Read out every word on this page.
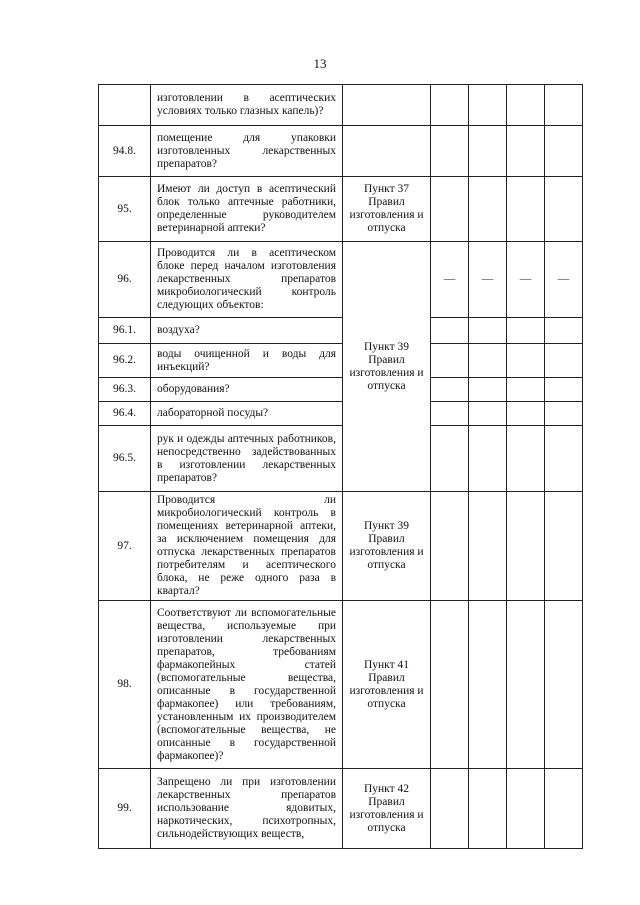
13
	изготовлении в асептических условиях только глазных капель)?					
94.8.	помещение для упаковки изготовленных лекарственных препаратов?					
95.	Имеют ли доступ в асептический блок только аптечные работники, определенные руководителем ветеринарной аптеки?	Пункт 37 Правил изготовления и отпуска				
96.	Проводится ли в асептическом блоке перед началом изготовления лекарственных препаратов микробиологический контроль следующих объектов:	Пункт 39 Правил изготовления и отпуска	—	—	—	—
96.1.	воздуха?					
96.2.	воды очищенной и воды для инъекций?					
96.3.	оборудования?					
96.4.	лабораторной посуды?					
96.5.	рук и одежды аптечных работников, непосредственно задействованных в изготовлении лекарственных препаратов?					
97.	Проводится ли микробиологический контроль в помещениях ветеринарной аптеки, за исключением помещения для отпуска лекарственных препаратов потребителям и асептического блока, не реже одного раза в квартал?	Пункт 39 Правил изготовления и отпуска				
98.	Соответствуют ли вспомогательные вещества, используемые при изготовлении лекарственных препаратов, требованиям фармакопейных статей (вспомогательные вещества, описанные в государственной фармакопее) или требованиям, установленным их производителем (вспомогательные вещества, не описанные в государственной фармакопее)?	Пункт 41 Правил изготовления и отпуска				
99.	Запрещено ли при изготовлении лекарственных препаратов использование ядовитых, наркотических, психотропных, сильнодействующих веществ,	Пункт 42 Правил изготовления и отпуска				
